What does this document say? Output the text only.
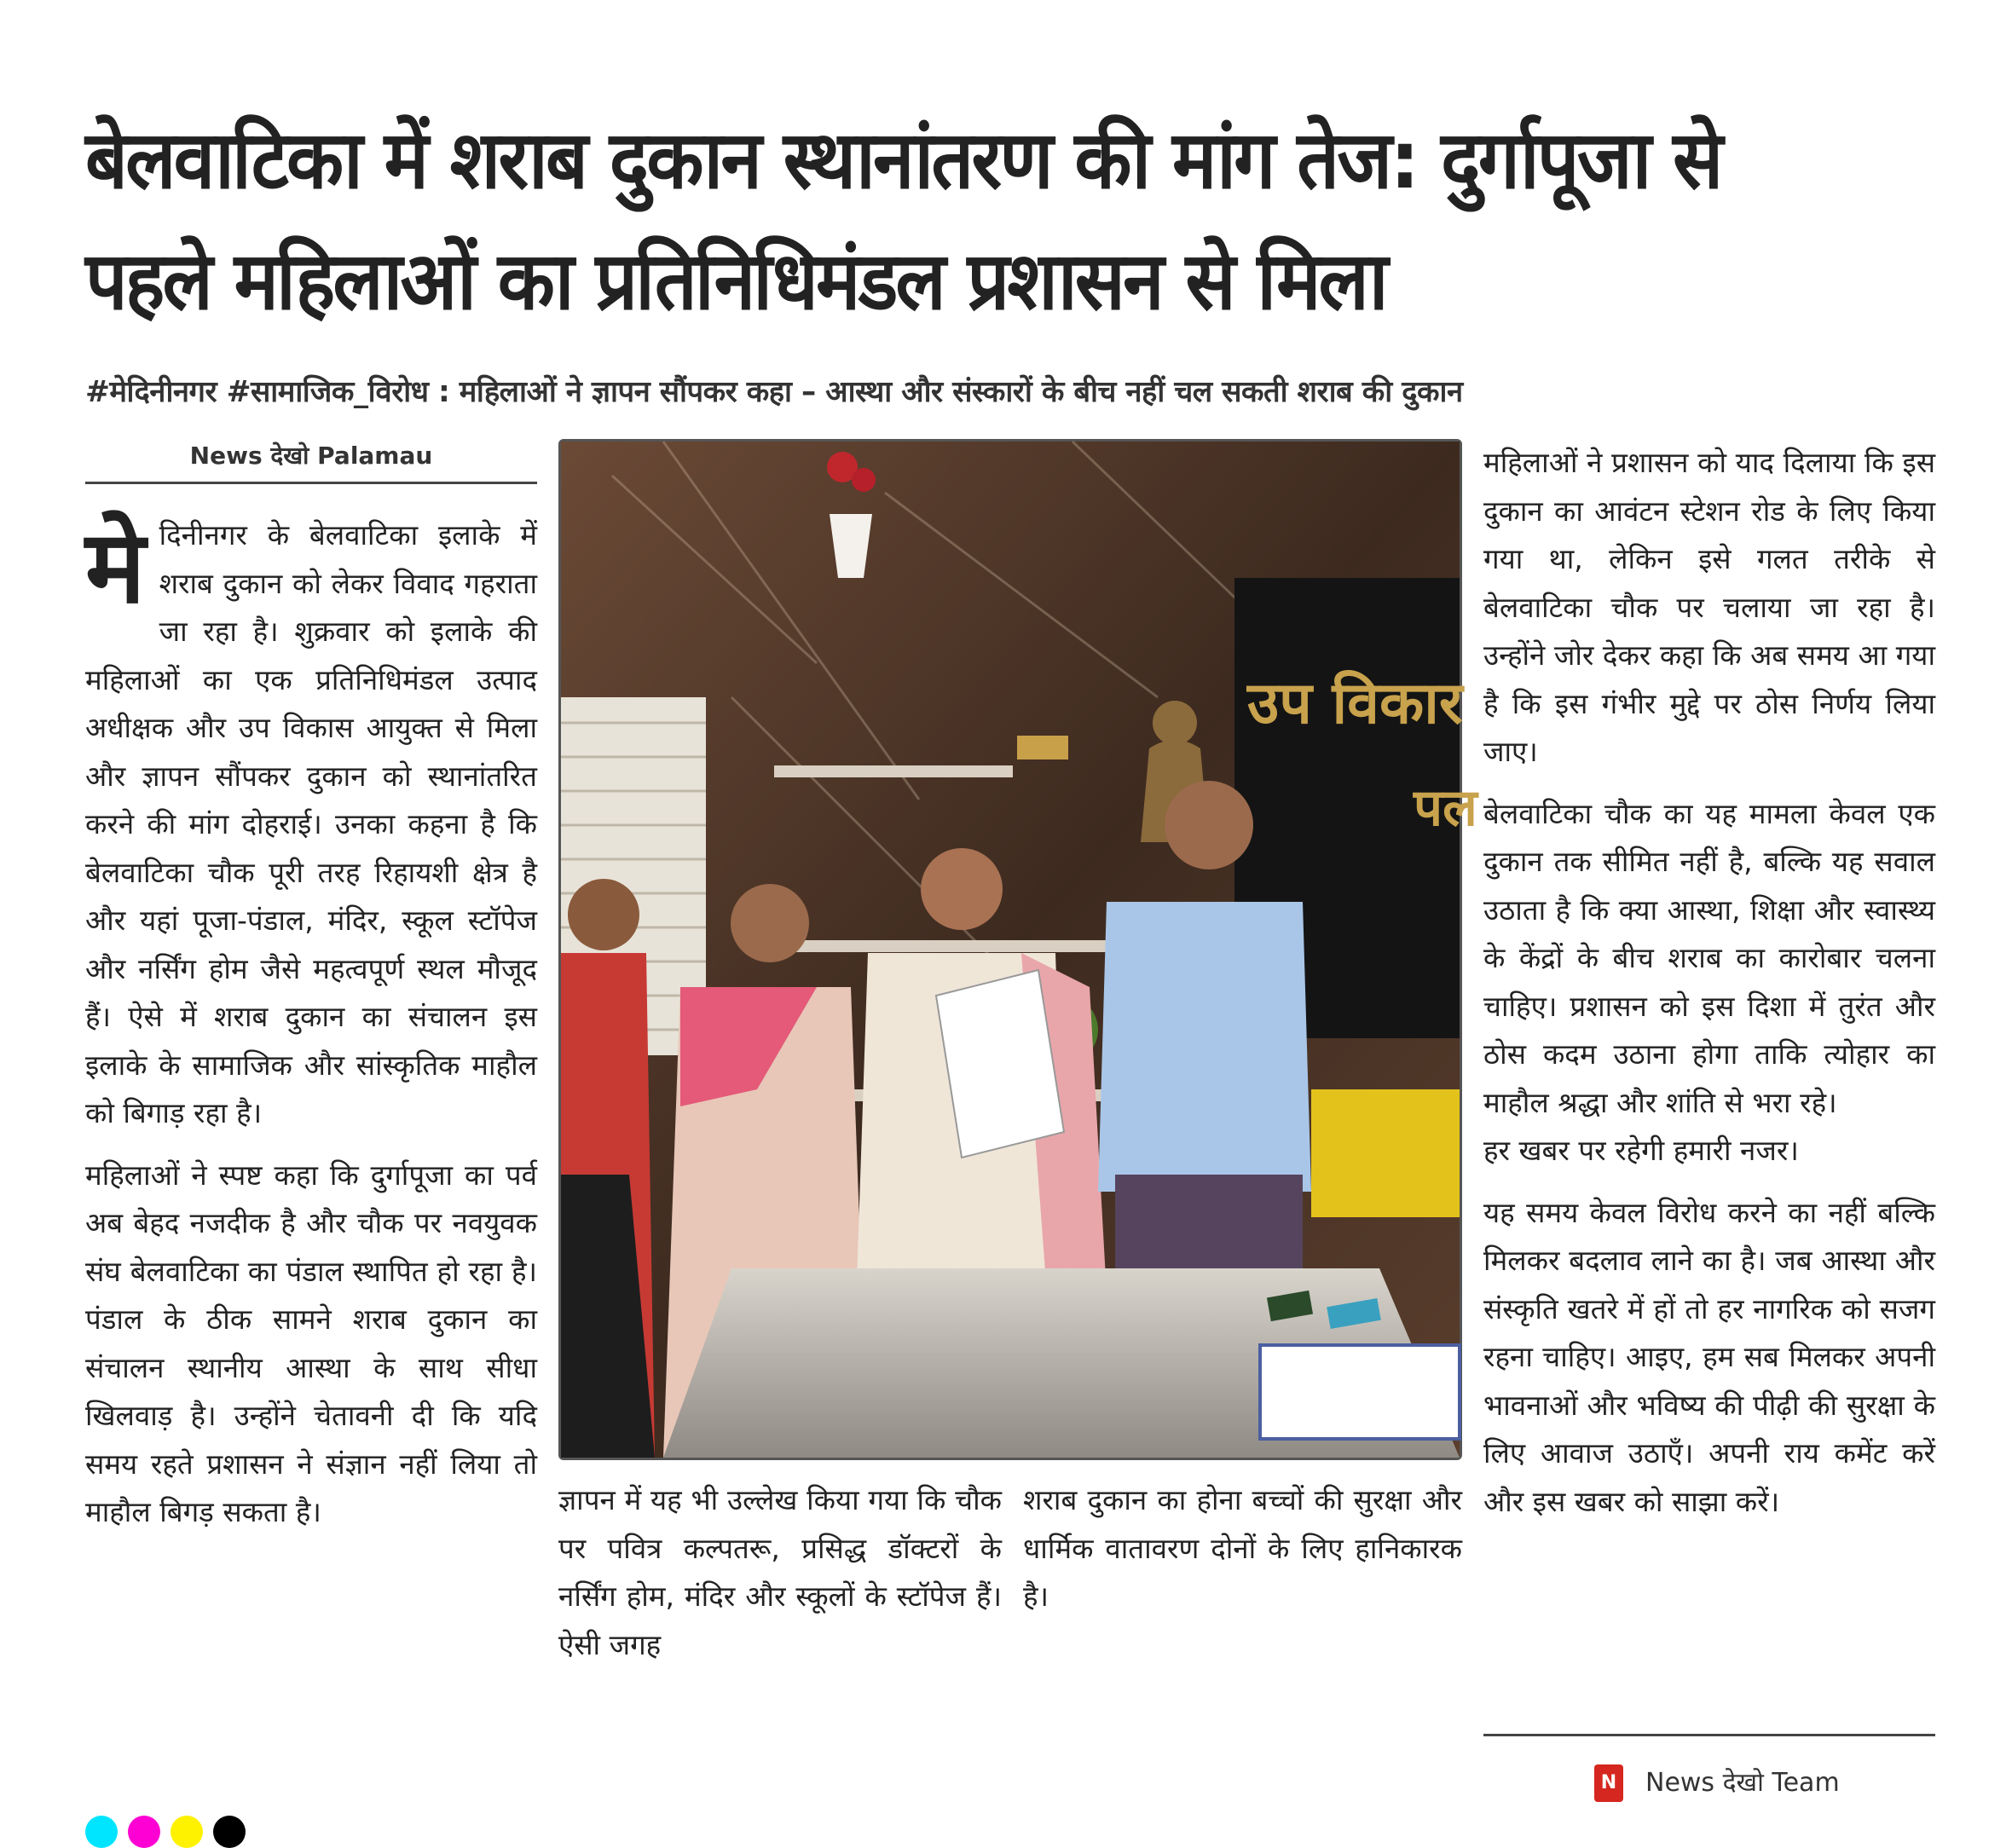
बेलवाटिका में शराब दुकान स्थानांतरण की मांग तेज: दुर्गापूजा से पहले महिलाओं का प्रतिनिधिमंडल प्रशासन से मिला
#मेदिनीनगर #सामाजिक_विरोध : महिलाओं ने ज्ञापन सौंपकर कहा – आस्था और संस्कारों के बीच नहीं चल सकती शराब की दुकान
News देखो Palamau

मे दिनीनगर के बेलवाटिका इलाके में शराब दुकान को लेकर विवाद गहराता जा रहा है। शुक्रवार को इलाके की महिलाओं का एक प्रतिनिधिमंडल उत्पाद अधीक्षक और उप विकास आयुक्त से मिला और ज्ञापन सौंपकर दुकान को स्थानांतरित करने की मांग दोहराई। उनका कहना है कि बेलवाटिका चौक पूरी तरह रिहायशी क्षेत्र है और यहां पूजा-पंडाल, मंदिर, स्कूल स्टॉपेज और नर्सिंग होम जैसे महत्वपूर्ण स्थल मौजूद हैं। ऐसे में शराब दुकान का संचालन इस इलाके के सामाजिक और सांस्कृतिक माहौल को बिगाड़ रहा है।

महिलाओं ने स्पष्ट कहा कि दुर्गापूजा का पर्व अब बेहद नजदीक है और चौक पर नवयुवक संघ बेलवाटिका का पंडाल स्थापित हो रहा है। पंडाल के ठीक सामने शराब दुकान का संचालन स्थानीय आस्था के साथ सीधा खिलवाड़ है। उन्होंने चेतावनी दी कि यदि समय रहते प्रशासन ने संज्ञान नहीं लिया तो माहौल बिगड़ सकता है।

उप विकार
पल

ज्ञापन में यह भी उल्लेख किया गया कि चौक पर पवित्र कल्पतरू, प्रसिद्ध डॉक्टरों के नर्सिंग होम, मंदिर और स्कूलों के स्टॉपेज हैं। ऐसी जगह

शराब दुकान का होना बच्चों की सुरक्षा और धार्मिक वातावरण दोनों के लिए हानिकारक है।

महिलाओं ने प्रशासन को याद दिलाया कि इस दुकान का आवंटन स्टेशन रोड के लिए किया गया था, लेकिन इसे गलत तरीके से बेलवाटिका चौक पर चलाया जा रहा है। उन्होंने जोर देकर कहा कि अब समय आ गया है कि इस गंभीर मुद्दे पर ठोस निर्णय लिया जाए।

बेलवाटिका चौक का यह मामला केवल एक दुकान तक सीमित नहीं है, बल्कि यह सवाल उठाता है कि क्या आस्था, शिक्षा और स्वास्थ्य के केंद्रों के बीच शराब का कारोबार चलना चाहिए। प्रशासन को इस दिशा में तुरंत और ठोस कदम उठाना होगा ताकि त्योहार का माहौल श्रद्धा और शांति से भरा रहे।

हर खबर पर रहेगी हमारी नजर।

यह समय केवल विरोध करने का नहीं बल्कि मिलकर बदलाव लाने का है। जब आस्था और संस्कृति खतरे में हों तो हर नागरिक को सजग रहना चाहिए। आइए, हम सब मिलकर अपनी भावनाओं और भविष्य की पीढ़ी की सुरक्षा के लिए आवाज उठाएँ। अपनी राय कमेंट करें और इस खबर को साझा करें।

N News देखो Team
